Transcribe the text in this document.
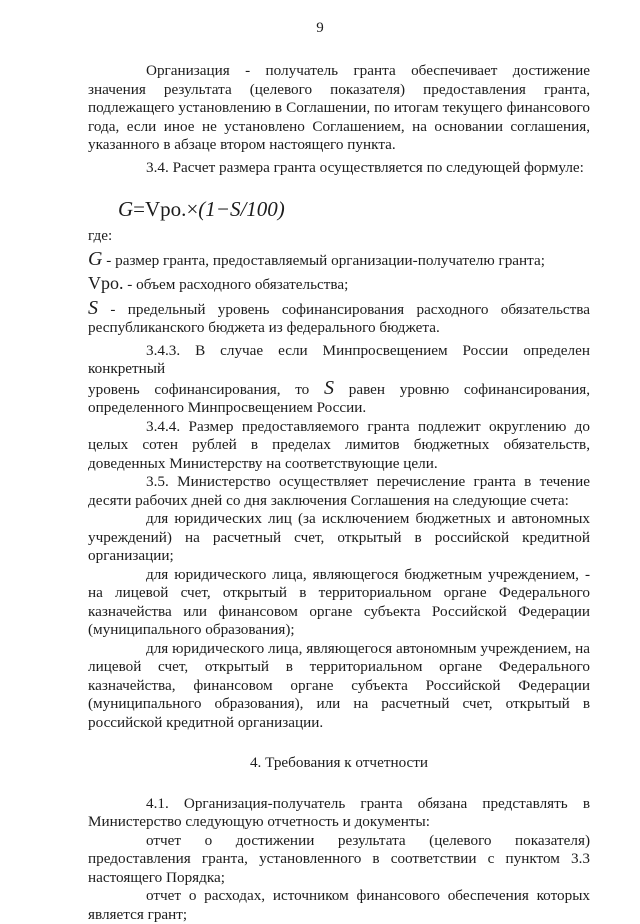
9

Организация - получатель гранта обеспечивает достижение значения результата (целевого показателя) предоставления гранта, подлежащего установлению в Соглашении, по итогам текущего финансового года, если иное не установлено Соглашением, на основании соглашения, указанного в абзаце втором настоящего пункта.

3.4. Расчет размера гранта осуществляется по следующей формуле:

G=Vpo.×(1−S/100)

где:

G - размер гранта, предоставляемый организации-получателю гранта;

Vpo. - объем расходного обязательства;

S - предельный уровень софинансирования расходного обязательства республиканского бюджета из федерального бюджета.

3.4.3. В случае если Минпросвещением России определен конкретный

уровень софинансирования, то S равен уровню софинансирования,

определенного Минпросвещением России.

3.4.4. Размер предоставляемого гранта подлежит округлению до целых сотен рублей в пределах лимитов бюджетных обязательств, доведенных Министерству на соответствующие цели.

3.5. Министерство осуществляет перечисление гранта в течение десяти рабочих дней со дня заключения Соглашения на следующие счета:

для юридических лиц (за исключением бюджетных и автономных учреждений) на расчетный счет, открытый в российской кредитной организации;

для юридического лица, являющегося бюджетным учреждением, - на лицевой счет, открытый в территориальном органе Федерального казначейства или финансовом органе субъекта Российской Федерации (муниципального образования);

для юридического лица, являющегося автономным учреждением, на лицевой счет, открытый в территориальном органе Федерального казначейства, финансовом органе субъекта Российской Федерации (муниципального образования), или на расчетный счет, открытый в российской кредитной организации.

4. Требования к отчетности

4.1. Организация-получатель гранта обязана представлять в Министерство следующую отчетность и документы:

отчет о достижении результата (целевого показателя) предоставления гранта, установленного в соответствии с пунктом 3.3 настоящего Порядка;

отчет о расходах, источником финансового обеспечения которых является грант;
